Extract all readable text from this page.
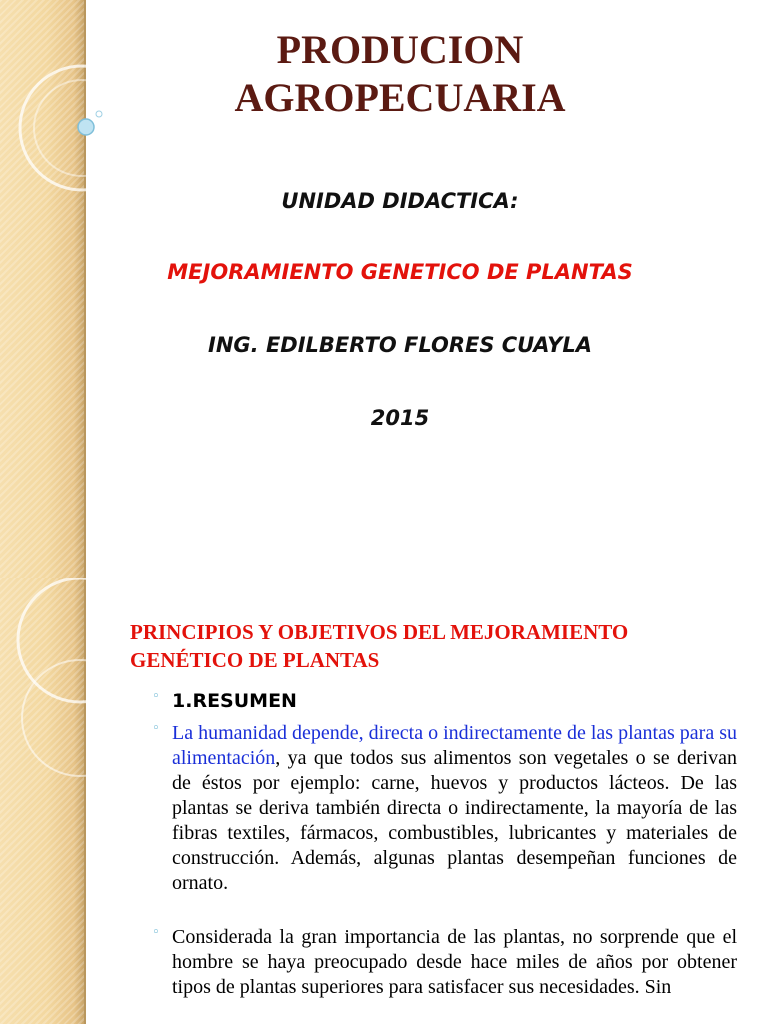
PRODUCION
AGROPECUARIA
UNIDAD DIDACTICA:
MEJORAMIENTO GENETICO DE PLANTAS
ING. EDILBERTO FLORES CUAYLA
2015
PRINCIPIOS Y OBJETIVOS DEL MEJORAMIENTO
GENÉTICO DE PLANTAS
◦ 1.RESUMEN
◦ La humanidad depende, directa o indirectamente de las plantas para su alimentación, ya que todos sus alimentos son vegetales o se derivan de éstos por ejemplo: carne, huevos y productos lácteos. De las plantas se deriva también directa o indirectamente, la mayoría de las fibras textiles, fármacos, combustibles, lubricantes y materiales de construcción. Además, algunas plantas desempeñan funciones de ornato.
◦ Considerada la gran importancia de las plantas, no sorprende que el hombre se haya preocupado desde hace miles de años por obtener tipos de plantas superiores para satisfacer sus necesidades. Sin
